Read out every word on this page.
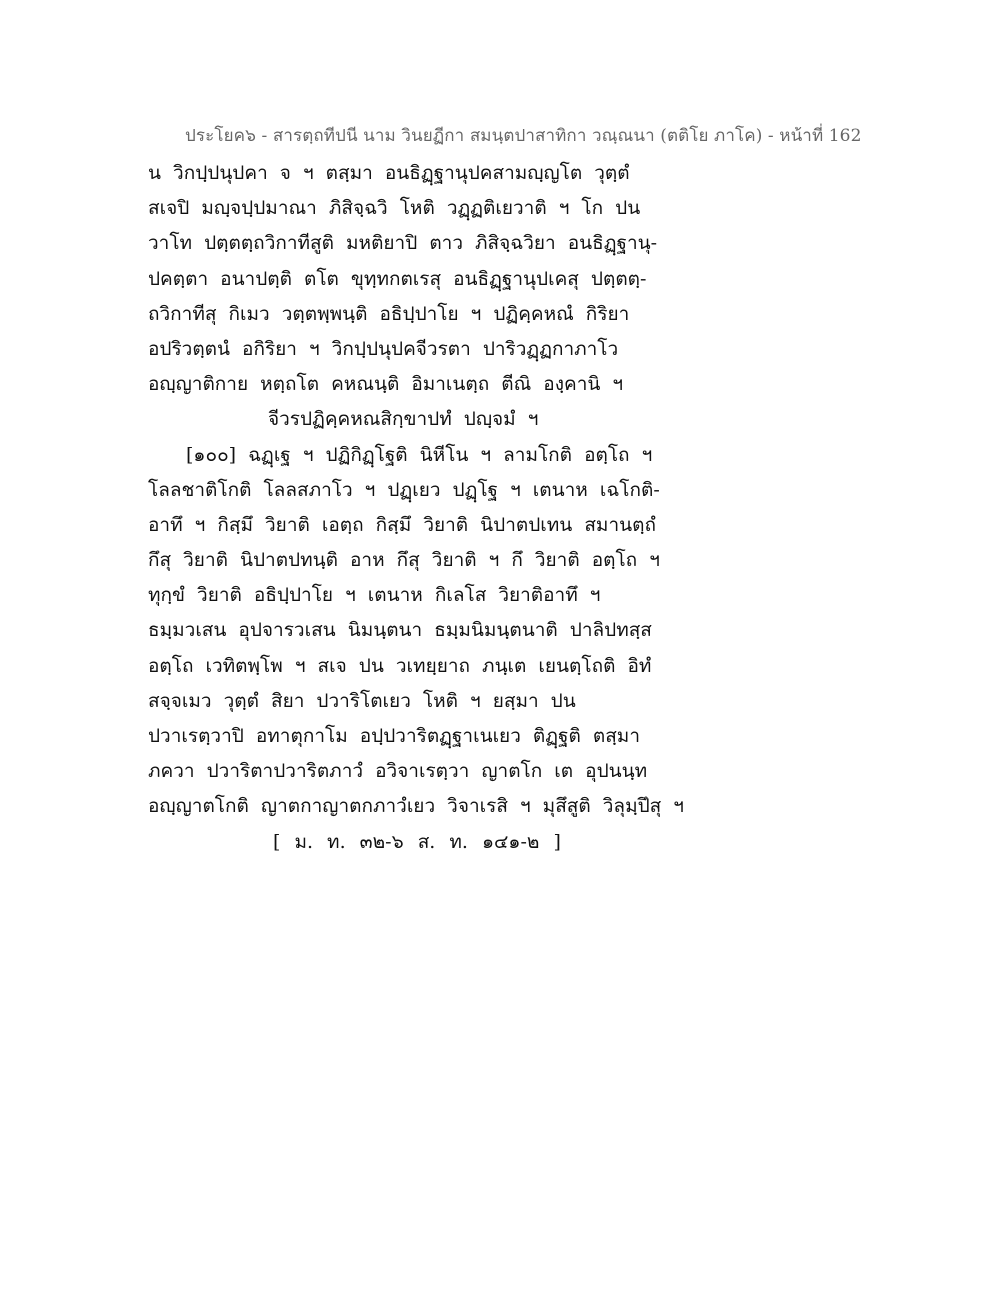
ประโยค๖ - สารตฺถทีปนี นาม วินยฏีกา สมนฺตปาสาทิกา วณฺณนา (ตติโย ภาโค) - หน้าที่ 162
น วิกปฺปนุปคา จ ฯ ตสฺมา อนธิฏฺฐานุปคสามญฺญโต วุตฺตํ
สเจปิ มญฺจปฺปมาณา ภิสิจฺฉวิ โหติ วฏฺฏติเยวาติ ฯ โก ปน
วาโท ปตฺตตฺถวิกาทีสูติ มหติยาปิ ตาว ภิสิจฺฉวิยา อนธิฏฺฐานุ-
ปคตฺตา อนาปตฺติ ตโต ขุทฺทกตเรสุ อนธิฏฺฐานุปเคสุ ปตฺตตฺ-
ถวิกาทีสุ กิเมว วตฺตพฺพนฺติ อธิปฺปาโย ฯ ปฏิคฺคหณํ กิริยา
อปริวตฺตนํ อกิริยา ฯ วิกปฺปนุปคจีวรตา ปาริวฏฺฏกาภาโว
อญฺญาติกาย หตฺถโต คหณนฺติ อิมาเนตฺถ ตีณิ องฺคานิ ฯ
จีวรปฏิคฺคหณสิกฺขาปทํ ปญฺจมํ ฯ
[๑๐๐] ฉฏฺเฐ ฯ ปฏิกิฏฺโฐติ นิหีโน ฯ ลามโกติ อตฺโถ ฯ
โลลชาติโกติ โลลสภาโว ฯ ปฏฺเยว ปฏฺโฐ ฯ เตนาห เฉโกติ-
อาทึ ฯ กิสฺมึ วิยาติ เอตฺถ กิสฺมึ วิยาติ นิปาตปเทน สมานตฺถํ
กึสุ วิยาติ นิปาตปทนฺติ อาห กึสุ วิยาติ ฯ กึ วิยาติ อตฺโถ ฯ
ทุกฺขํ วิยาติ อธิปฺปาโย ฯ เตนาห กิเลโส วิยาติอาทึ ฯ
ธมฺมวเสน อุปจารวเสน นิมนฺตนา ธมฺมนิมนฺตนาติ ปาลิปทสฺส
อตฺโถ เวทิตพฺโพ ฯ สเจ ปน วเทยฺยาถ ภนฺเต เยนตฺโถติ อิทํ
สจฺจเมว วุตฺตํ สิยา ปวาริโตเยว โหติ ฯ ยสฺมา ปน
ปวาเรตฺวาปิ อทาตุกาโม อปฺปวาริตฏฺฐาเนเยว ติฏฺฐติ ตสฺมา
ภควา ปวาริตาปวาริตภาวํ อวิจาเรตฺวา ญาตโก เต อุปนนฺท
อญฺญาตโกติ ญาตกาญาตกภาวํเยว วิจาเรสิ ฯ มุสึสูติ วิลุมฺปึสุ ฯ
[ ม. ท. ๓๒-๖ ส. ท. ๑๔๑-๒ ]
